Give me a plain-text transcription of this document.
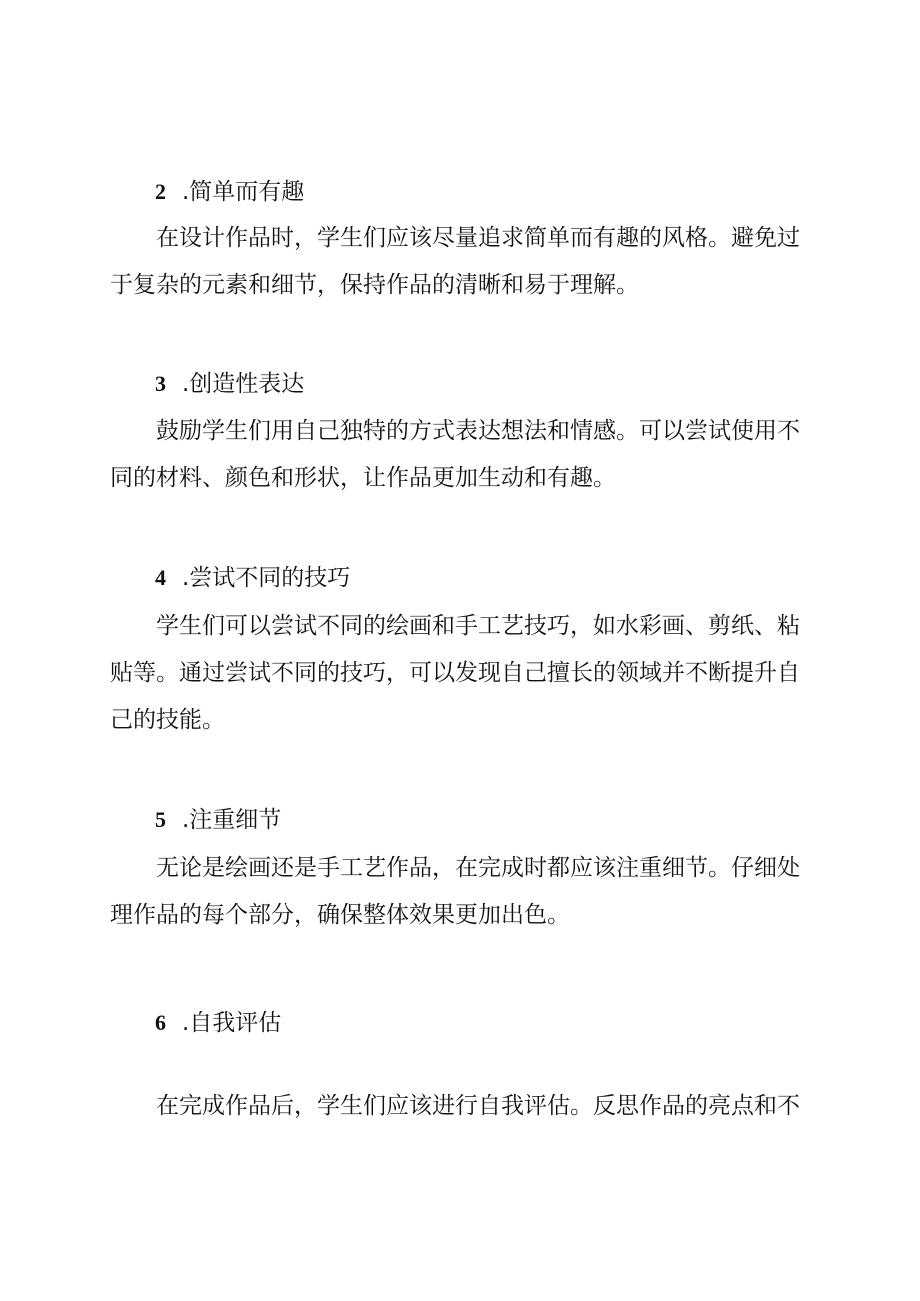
2 .简单而有趣
在设计作品时，学生们应该尽量追求简单而有趣的风格。避免过
于复杂的元素和细节，保持作品的清晰和易于理解。
3 .创造性表达
鼓励学生们用自己独特的方式表达想法和情感。可以尝试使用不
同的材料、颜色和形状，让作品更加生动和有趣。
4 .尝试不同的技巧
学生们可以尝试不同的绘画和手工艺技巧，如水彩画、剪纸、粘
贴等。通过尝试不同的技巧，可以发现自己擅长的领域并不断提升自
己的技能。
5 .注重细节
无论是绘画还是手工艺作品，在完成时都应该注重细节。仔细处
理作品的每个部分，确保整体效果更加出色。
6 .自我评估
在完成作品后，学生们应该进行自我评估。反思作品的亮点和不
